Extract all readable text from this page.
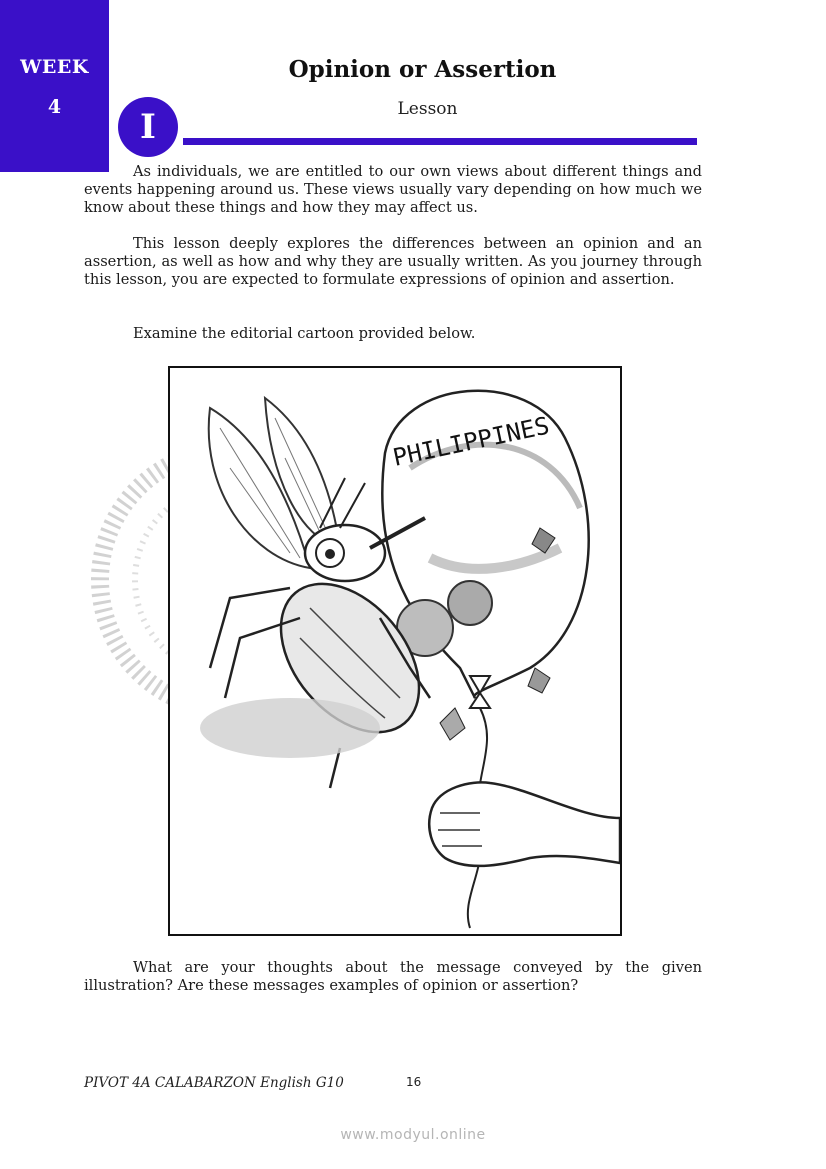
WEEK
4
Opinion or Assertion
Lesson
I

As individuals, we are entitled to our own views about different things and events happening around us. These views usually vary depending on how much we know about these things and how they may affect us.

This lesson deeply explores the differences between an opinion and an assertion, as well as how and why they are usually written. As you journey through this lesson, you are expected to formulate expressions of opinion and assertion.

Examine the editorial cartoon provided below.

PHILIPPINES

What are your thoughts about the message conveyed by the given illustration? Are these messages examples of opinion or assertion?

PIVOT 4A CALABARZON English G10	16
www.modyul.online
